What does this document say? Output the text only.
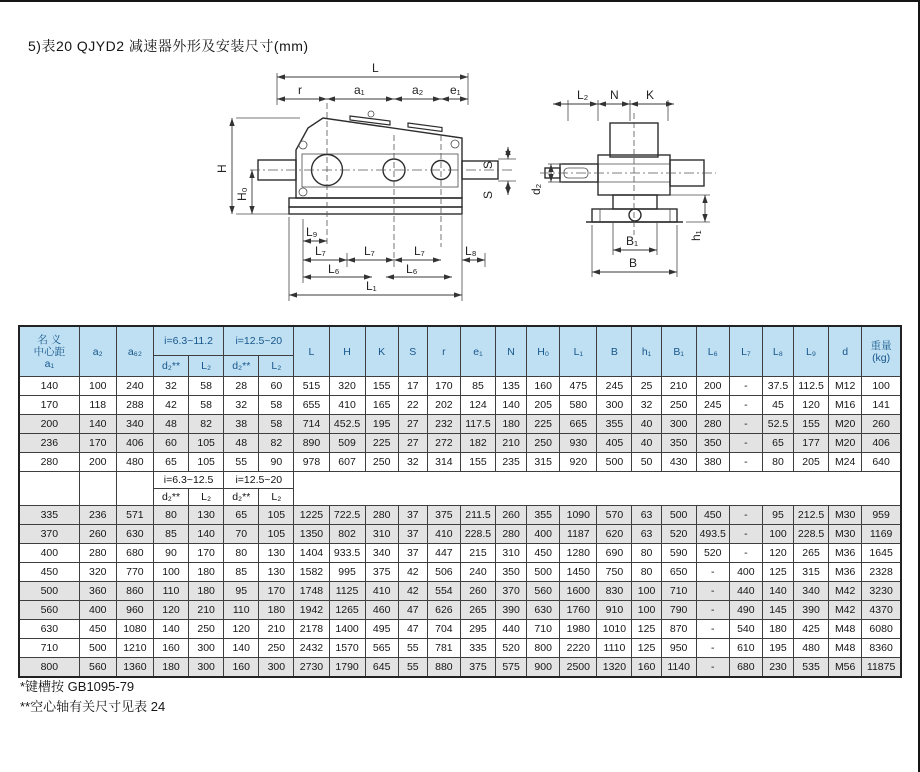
5)表20 QJYD2 减速器外形及安装尺寸(mm)
L
r	a₁	a₂ e₁
H
H₀
S
S
L₉
L₇	L₇	L₇	L₈
L₆	L₆
L₁
L₂ N K
d₂
B₁
B
h₁
名 义
中心距
a₁
	a₂	a₆₂	i=6.3~11.2	i=12.5~20	L	H	K	S	r	e₁	N	H₀	L₁	B	h₁	B₁	L₆	L₇	L₈	L₉	d	重量
(kg)

			d₂**	L₂	d₂**	L₂																		
140	100	240	32	58	28	60	515	320	155	17	170	85	135	160	475	245	25	210	200	-	37.5	112.5	M12	100
170	118	288	42	58	32	58	655	410	165	22	202	124	140	205	580	300	32	250	245	-	45	120	M16	141
200	140	340	48	82	38	58	714	452.5	195	27	232	117.5	180	225	665	355	40	300	280	-	52.5	155	M20	260
236	170	406	60	105	48	82	890	509	225	27	272	182	210	250	930	405	40	350	350	-	65	177	M20	406
280	200	480	65	105	55	90	978	607	250	32	314	155	235	315	920	500	50	430	380	-	80	205	M24	640
			i=6.3~12.5		i=12.5~20																			
			d₂**	L₂	d₂**	L₂																		
335	236	571	80	130	65	105	1225	722.5	280	37	375	211.5	260	355	1090	570	63	500	450	-	95	212.5	M30	959
370	260	630	85	140	70	105	1350	802	310	37	410	228.5	280	400	1187	620	63	520	493.5	-	100	228.5	M30	1169
400	280	680	90	170	80	130	1404	933.5	340	37	447	215	310	450	1280	690	80	590	520	-	120	265	M36	1645
450	320	770	100	180	85	130	1582	995	375	42	506	240	350	500	1450	750	80	650	-	400	125	315	M36	2328
500	360	860	110	180	95	170	1748	1125	410	42	554	260	370	560	1600	830	100	710	-	440	140	340	M42	3230
560	400	960	120	210	110	180	1942	1265	460	47	626	265	390	630	1760	910	100	790	-	490	145	390	M42	4370
630	450	1080	140	250	120	210	2178	1400	495	47	704	295	440	710	1980	1010	125	870	-	540	180	425	M48	6080
710	500	1210	160	300	140	250	2432	1570	565	55	781	335	520	800	2220	1110	125	950	-	610	195	480	M48	8360
800	560	1360	180	300	160	300	2730	1790	645	55	880	375	575	900	2500	1320	160	1140	-	680	230	535	M56	11875
*键槽按 GB1095-79
**空心轴有关尺寸见表 24
